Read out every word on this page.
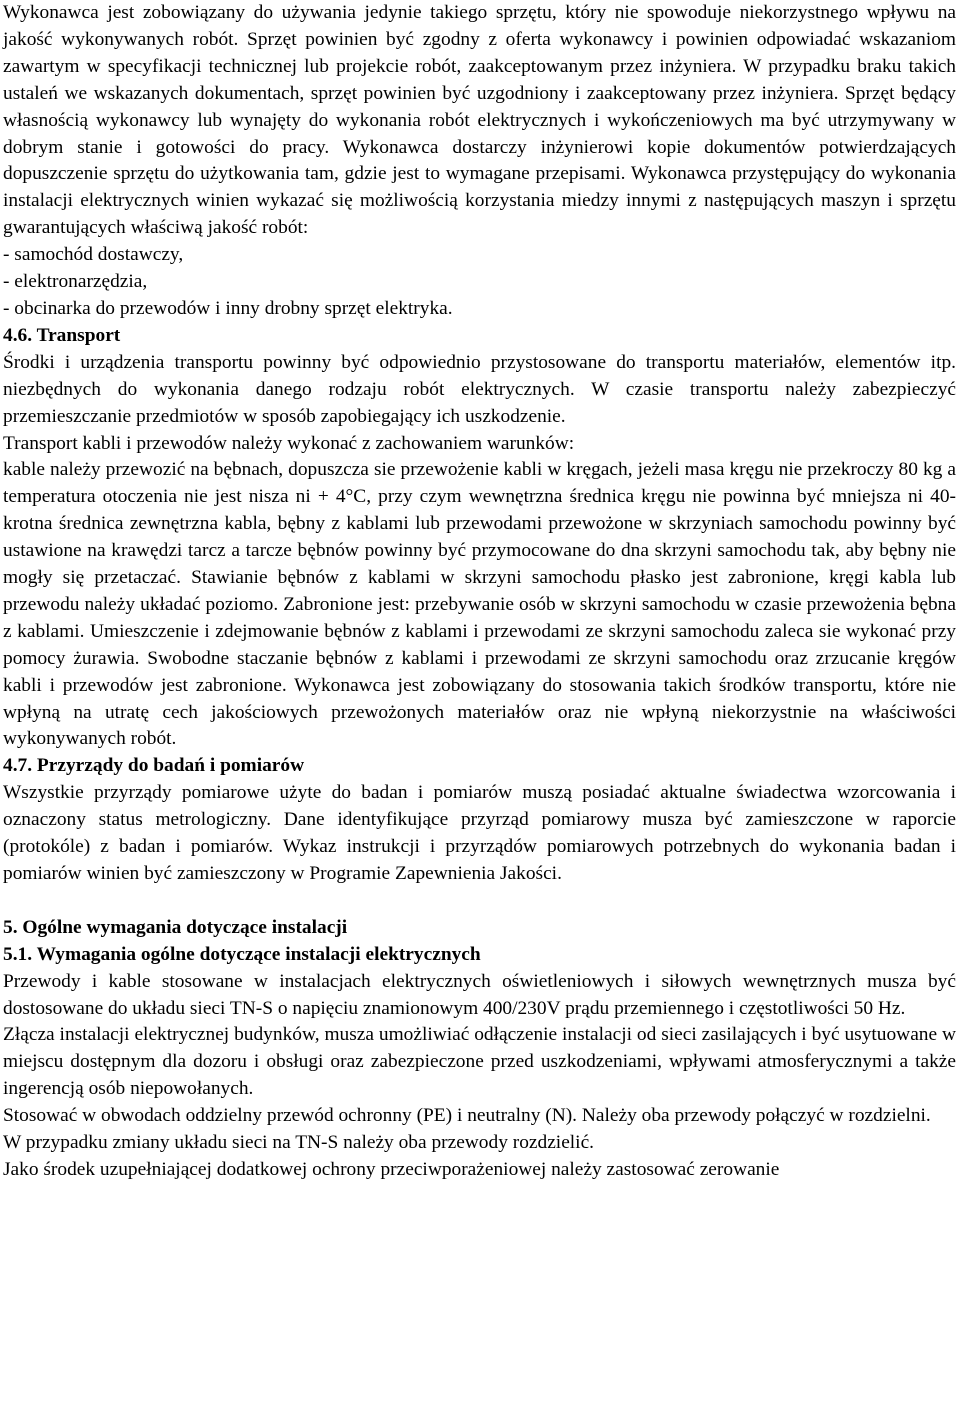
Wykonawca jest zobowiązany do używania jedynie takiego sprzętu, który nie spowoduje niekorzystnego wpływu na jakość wykonywanych robót. Sprzęt powinien być zgodny z oferta wykonawcy i powinien odpowiadać wskazaniom zawartym w specyfikacji technicznej lub projekcie robót, zaakceptowanym przez inżyniera. W przypadku braku takich ustaleń we wskazanych dokumentach, sprzęt powinien być uzgodniony i zaakceptowany przez inżyniera. Sprzęt będący własnością wykonawcy lub wynajęty do wykonania robót elektrycznych i wykończeniowych ma być utrzymywany w dobrym stanie i gotowości do pracy. Wykonawca dostarczy inżynierowi kopie dokumentów potwierdzających dopuszczenie sprzętu do użytkowania tam, gdzie jest to wymagane przepisami. Wykonawca przystępujący do wykonania instalacji elektrycznych winien wykazać się możliwością korzystania miedzy innymi z następujących maszyn i sprzętu gwarantujących właściwą jakość robót:

- samochód dostawczy,

- elektronarzędzia,

- obcinarka do przewodów i inny drobny sprzęt elektryka.

4.6. Transport

Środki i urządzenia transportu powinny być odpowiednio przystosowane do transportu materiałów, elementów itp. niezbędnych do wykonania danego rodzaju robót elektrycznych. W czasie transportu należy zabezpieczyć przemieszczanie przedmiotów w sposób zapobiegający ich uszkodzenie.

Transport kabli i przewodów należy wykonać z zachowaniem warunków:

kable należy przewozić na bębnach, dopuszcza sie przewożenie kabli w kręgach, jeżeli masa kręgu nie przekroczy 80 kg a temperatura otoczenia nie jest nisza ni + 4°C, przy czym wewnętrzna średnica kręgu nie powinna być mniejsza ni 40- krotna średnica zewnętrzna kabla, bębny z kablami lub przewodami przewożone w skrzyniach samochodu powinny być ustawione na krawędzi tarcz a tarcze bębnów powinny być przymocowane do dna skrzyni samochodu tak, aby bębny nie mogły się przetaczać. Stawianie bębnów z kablami w skrzyni samochodu płasko jest zabronione, kręgi kabla lub przewodu należy układać poziomo. Zabronione jest: przebywanie osób w skrzyni samochodu w czasie przewożenia bębna z kablami. Umieszczenie i zdejmowanie bębnów z kablami i przewodami ze skrzyni samochodu zaleca sie wykonać przy pomocy żurawia. Swobodne staczanie bębnów z kablami i przewodami ze skrzyni samochodu oraz zrzucanie kręgów kabli i przewodów jest zabronione. Wykonawca jest zobowiązany do stosowania takich środków transportu, które nie wpłyną na utratę cech jakościowych przewożonych materiałów oraz nie wpłyną niekorzystnie na właściwości wykonywanych robót.

4.7. Przyrządy do badań i pomiarów

Wszystkie przyrządy pomiarowe użyte do badan i pomiarów muszą posiadać aktualne świadectwa wzorcowania i oznaczony status metrologiczny. Dane identyfikujące przyrząd pomiarowy musza być zamieszczone w raporcie (protokóle) z badan i pomiarów. Wykaz instrukcji i przyrządów pomiarowych potrzebnych do wykonania badan i pomiarów winien być zamieszczony w Programie Zapewnienia Jakości.

5. Ogólne wymagania dotyczące instalacji

5.1. Wymagania ogólne dotyczące instalacji elektrycznych

Przewody i kable stosowane w instalacjach elektrycznych oświetleniowych i siłowych wewnętrznych musza być dostosowane do układu sieci TN-S o napięciu znamionowym 400/230V prądu przemiennego i częstotliwości 50 Hz.

Złącza instalacji elektrycznej budynków, musza umożliwiać odłączenie instalacji od sieci zasilających i być usytuowane w miejscu dostępnym dla dozoru i obsługi oraz zabezpieczone przed uszkodzeniami, wpływami atmosferycznymi a także ingerencją osób niepowołanych.

Stosować w obwodach oddzielny przewód ochronny (PE) i neutralny (N). Należy oba przewody połączyć w rozdzielni.

W przypadku zmiany układu sieci na TN-S należy oba przewody rozdzielić.

Jako środek uzupełniającej dodatkowej ochrony przeciwporażeniowej należy zastosować zerowanie
